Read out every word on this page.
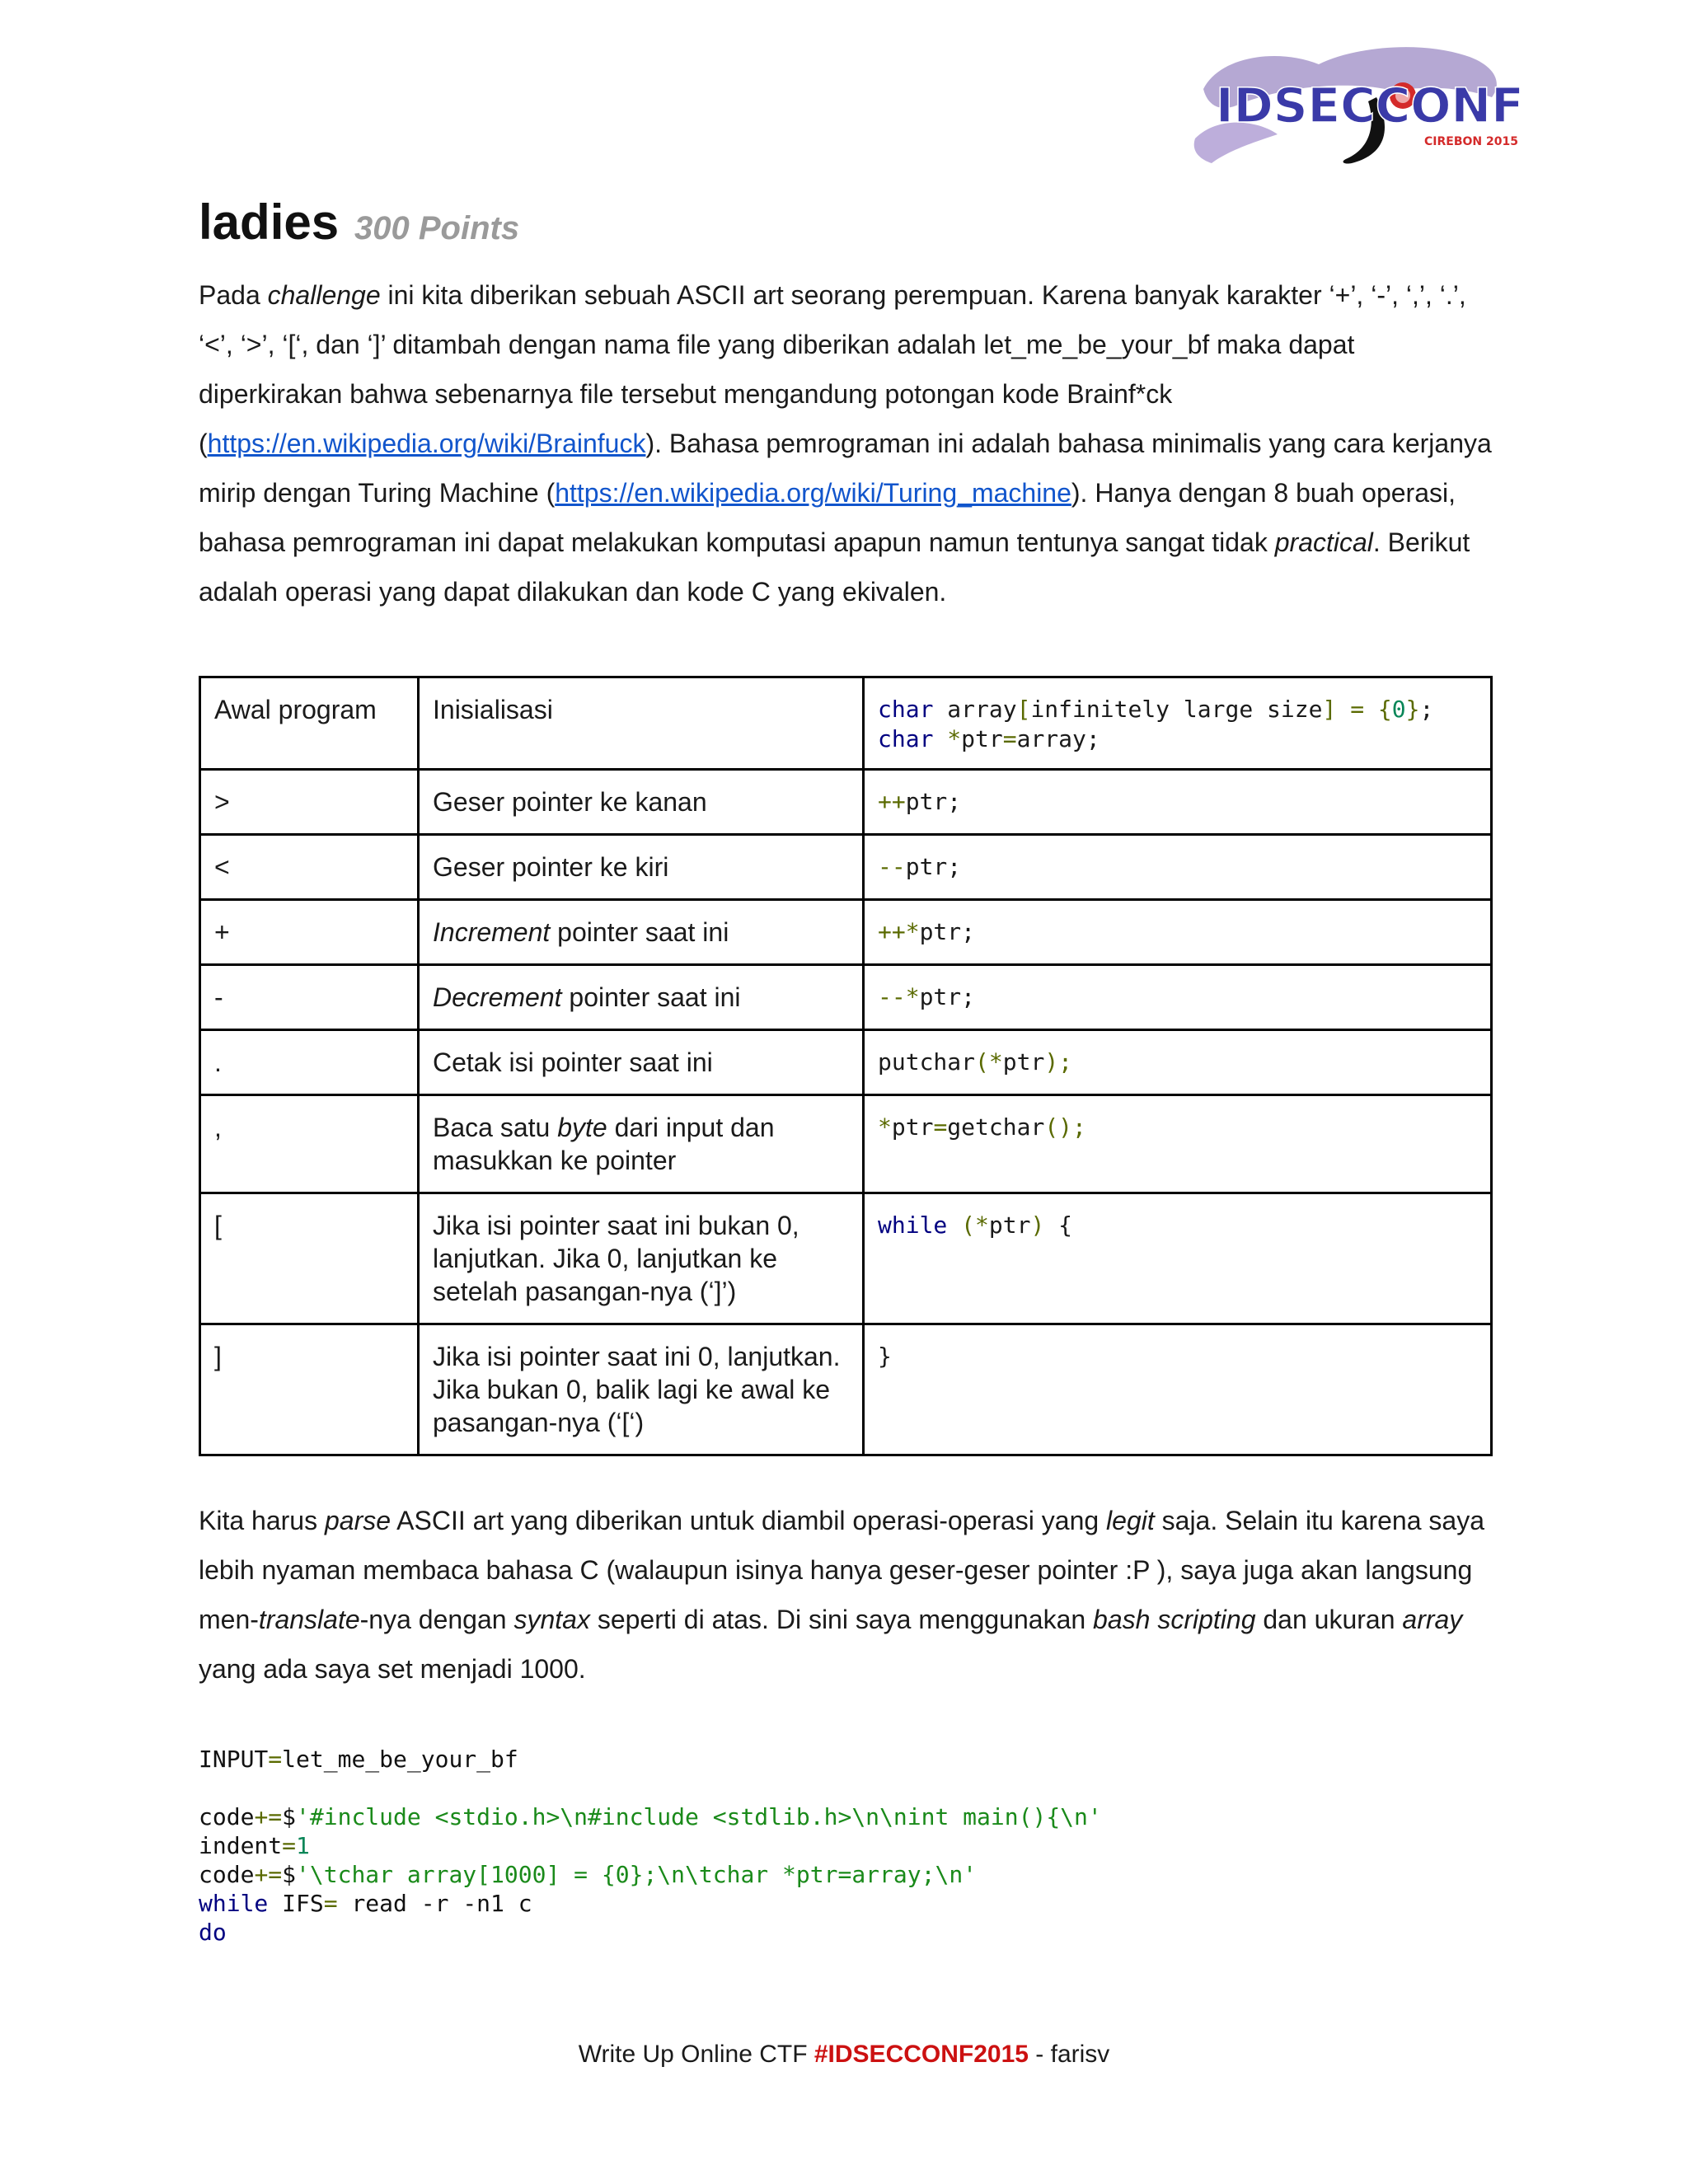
IDSECCONF
CIREBON 2015
ladies 300 Points

Pada challenge ini kita diberikan sebuah ASCII art seorang perempuan. Karena banyak karakter ‘+’, ‘-’, ‘,’, ‘.’, ‘<’, ‘>’, ‘[‘, dan ‘]’ ditambah dengan nama file yang diberikan adalah let_me_be_your_bf maka dapat diperkirakan bahwa sebenarnya file tersebut mengandung potongan kode Brainf*ck (https://en.wikipedia.org/wiki/Brainfuck). Bahasa pemrograman ini adalah bahasa minimalis yang cara kerjanya mirip dengan Turing Machine (https://en.wikipedia.org/wiki/Turing_machine). Hanya dengan 8 buah operasi, bahasa pemrograman ini dapat melakukan komputasi apapun namun tentunya sangat tidak practical. Berikut adalah operasi yang dapat dilakukan dan kode C yang ekivalen.

Awal program	Inisialisasi	char array[infinitely large size] = {0};
char *ptr=array;
>	Geser pointer ke kanan	++ptr;
<	Geser pointer ke kiri	--ptr;
+	Increment pointer saat ini	++*ptr;
-	Decrement pointer saat ini	--*ptr;
.	Cetak isi pointer saat ini	putchar(*ptr);
,	Baca satu byte dari input dan masukkan ke pointer	*ptr=getchar();
[	Jika isi pointer saat ini bukan 0, lanjutkan. Jika 0, lanjutkan ke setelah pasangan-nya (‘]’)	while (*ptr) {
]	Jika isi pointer saat ini 0, lanjutkan. Jika bukan 0, balik lagi ke awal ke pasangan-nya (‘[‘)	}

Kita harus parse ASCII art yang diberikan untuk diambil operasi-operasi yang legit saja. Selain itu karena saya lebih nyaman membaca bahasa C (walaupun isinya hanya geser-geser pointer :P ), saya juga akan langsung men-translate-nya dengan syntax seperti di atas. Di sini saya menggunakan bash scripting dan ukuran array yang ada saya set menjadi 1000.

INPUT=let_me_be_your_bf

code+=$'#include <stdio.h>\n#include <stdlib.h>\n\nint main(){\n'
indent=1
code+=$'\tchar array[1000] = {0};\n\tchar *ptr=array;\n'
while IFS= read -r -n1 c
do
Write Up Online CTF #IDSECCONF2015 - farisv
